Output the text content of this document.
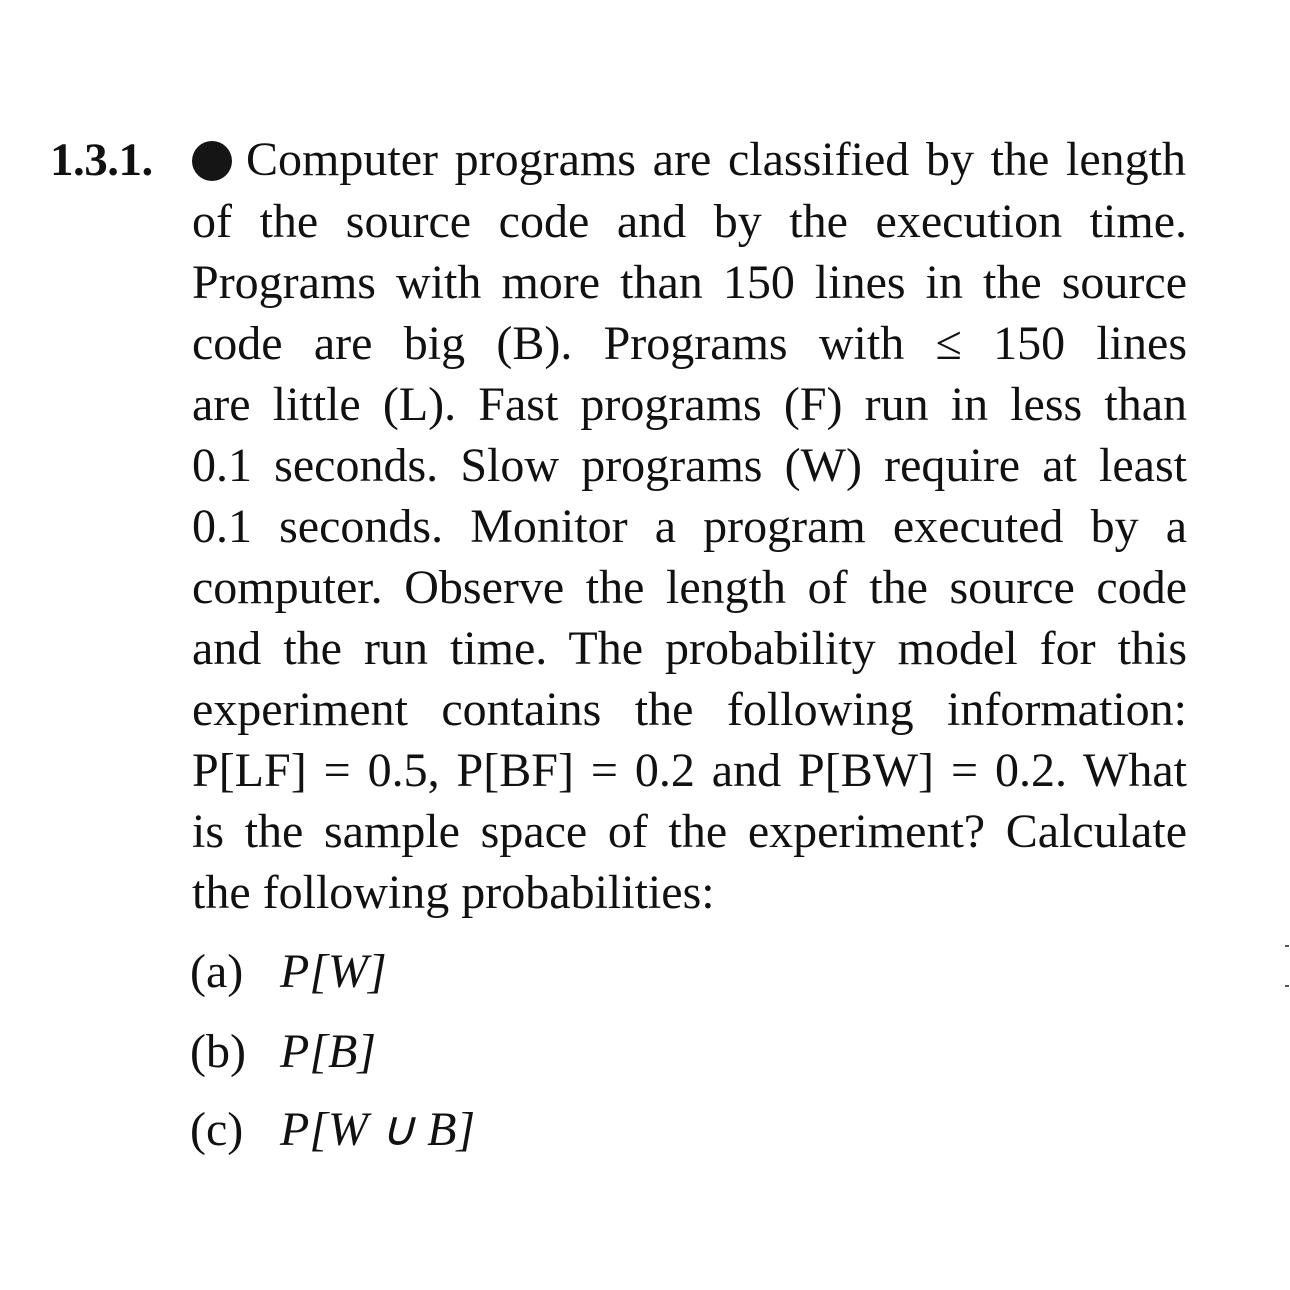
1.3.1. Computer programs are classified by the length
of the source code and by the execution time.
Programs with more than 150 lines in the source
code are big (B). Programs with ≤ 150 lines
are little (L). Fast programs (F) run in less than
0.1 seconds. Slow programs (W) require at least
0.1 seconds. Monitor a program executed by a
computer. Observe the length of the source code
and the run time. The probability model for this
experiment contains the following information:
P[LF] = 0.5, P[BF] = 0.2 and P[BW] = 0.2. What
is the sample space of the experiment? Calculate
the following probabilities:
(a) P[W]
(b) P[B]
(c) P[W ∪ B]
